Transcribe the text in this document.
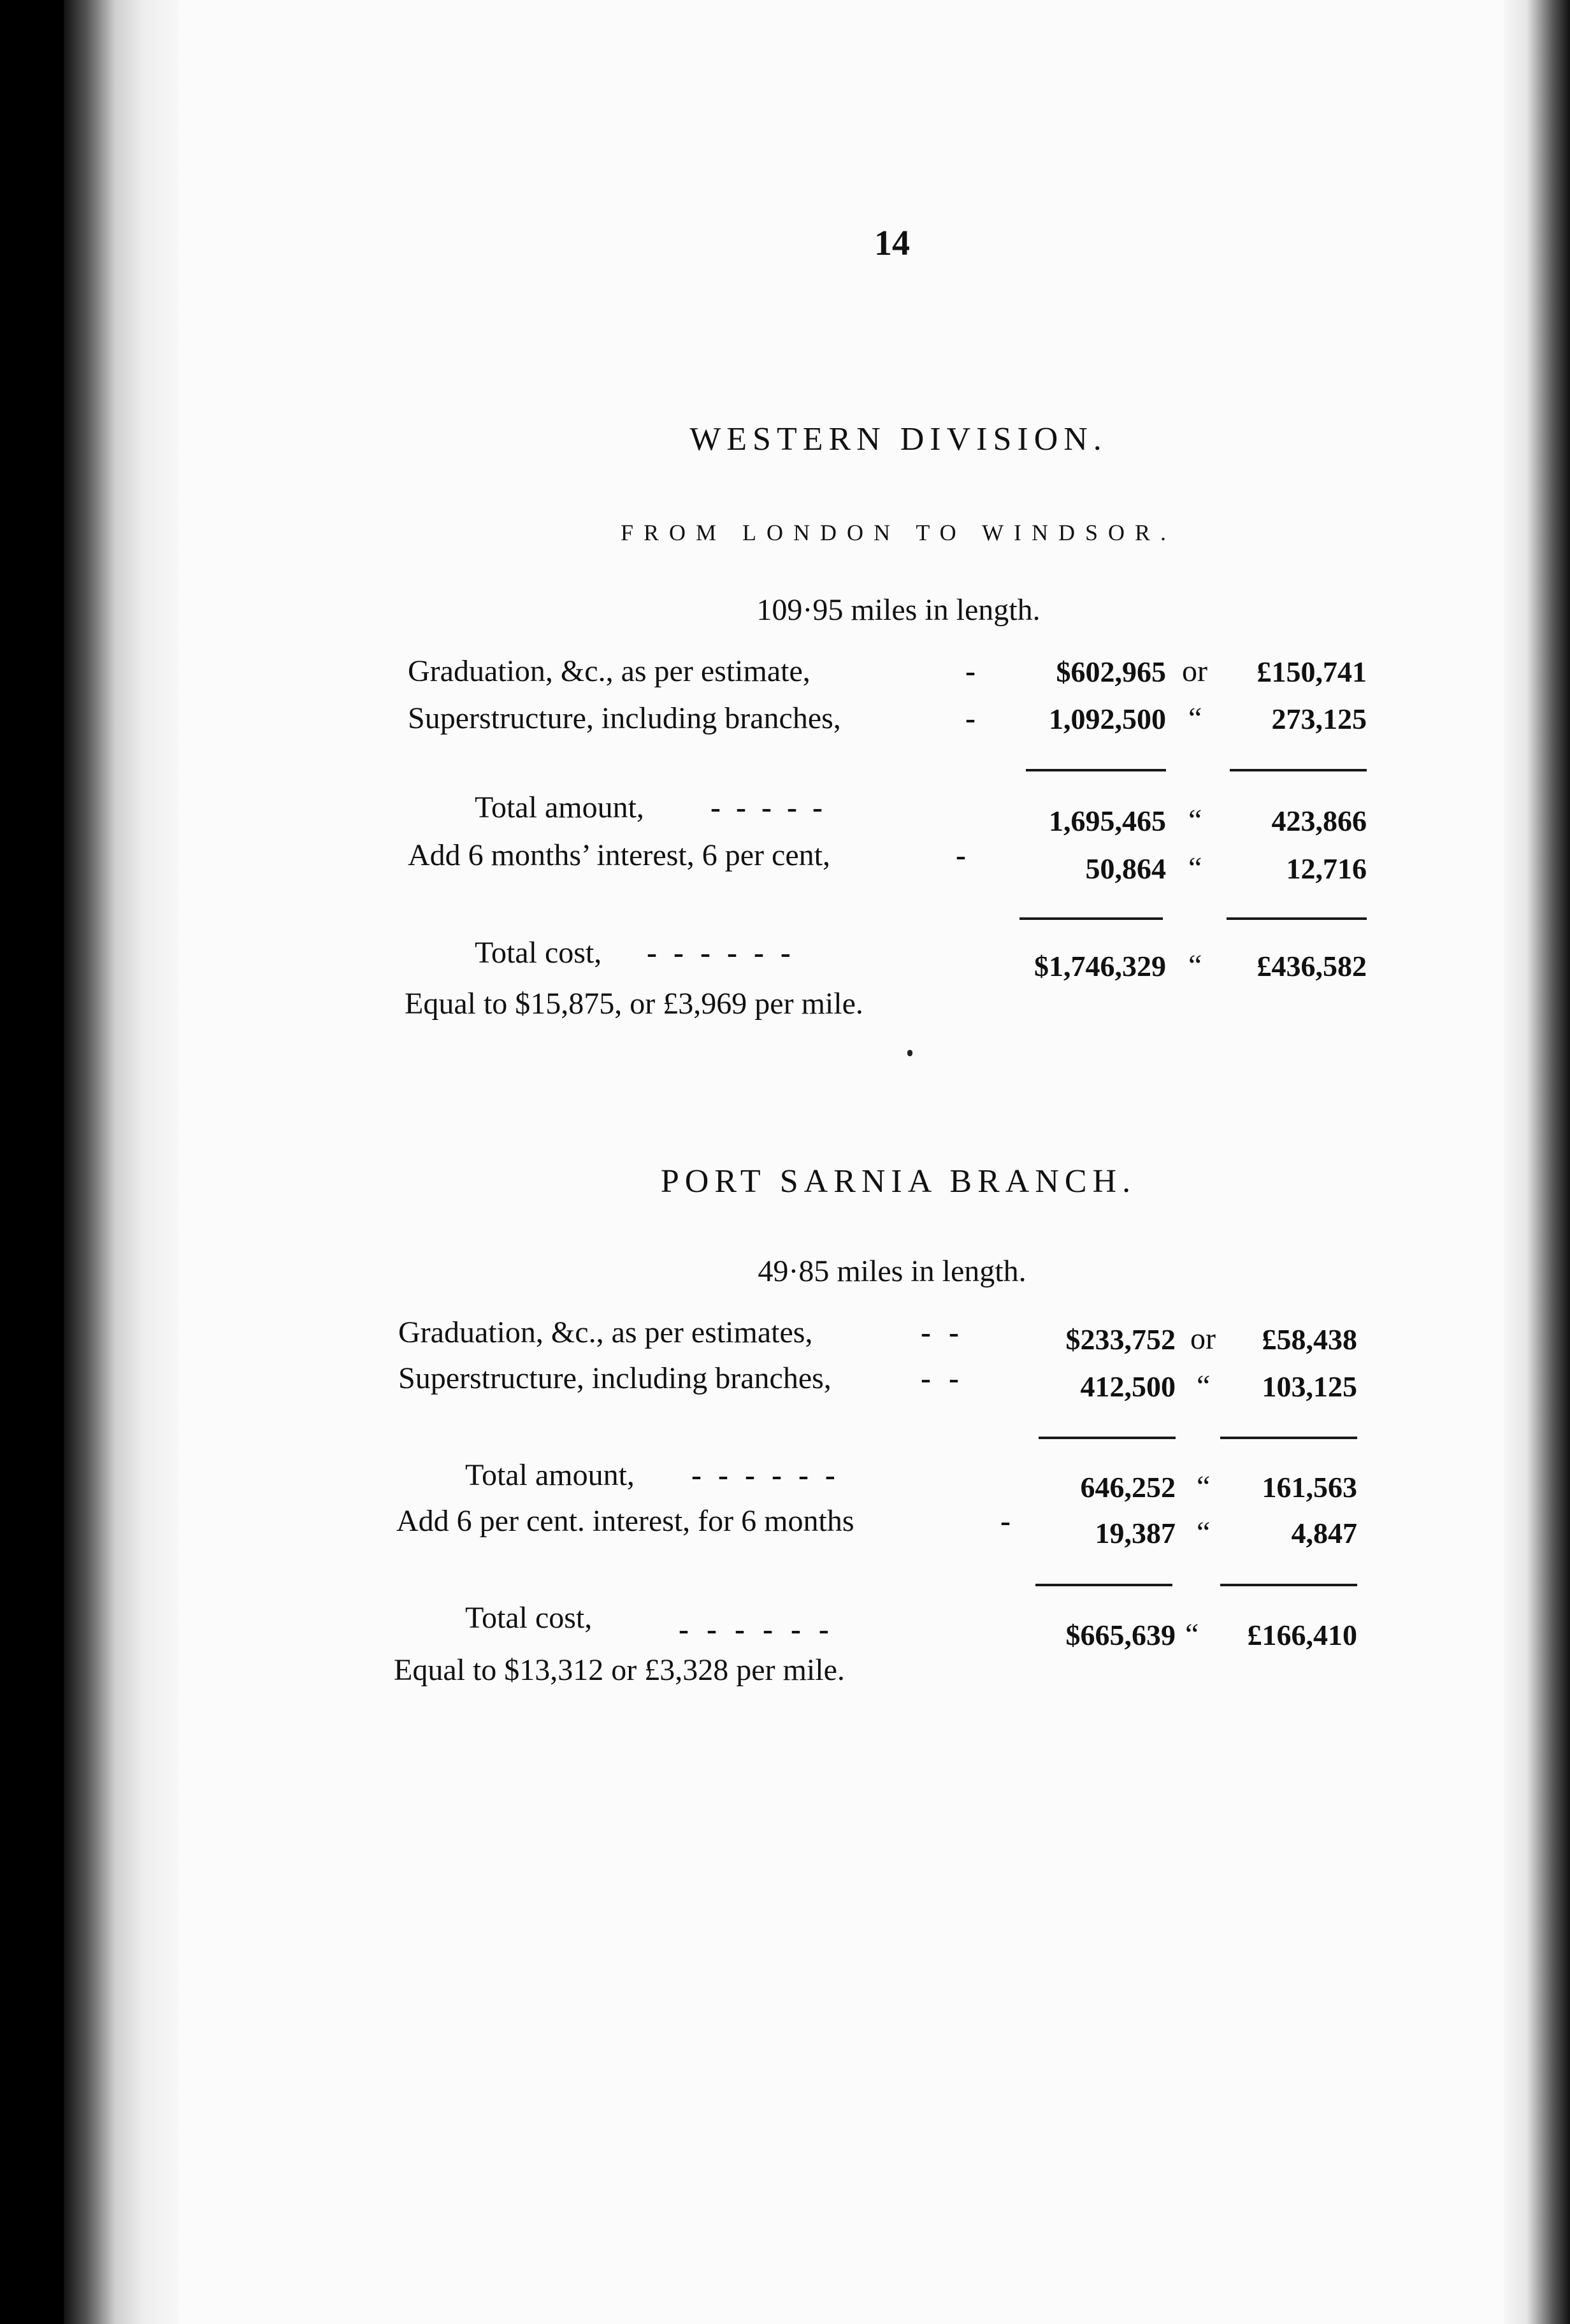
14
WESTERN DIVISION.
FROM LONDON TO WINDSOR.
109·95 miles in length.
Graduation, &c., as per estimate,	-	$602,965 or	£150,741
Superstructure, including branches,	-	1,092,500 “	273,125
Total amount, - - - - -	1,695,465 “	423,866
Add 6 months’ interest, 6 per cent,	-	50,864 “	12,716
Total cost, - - - - - -	$1,746,329 “	£436,582
Equal to $15,875, or £3,969 per mile.
PORT SARNIA BRANCH.
49·85 miles in length.
Graduation, &c., as per estimates,	- -	$233,752 or	£58,438
Superstructure, including branches,	- -	412,500 “	103,125
Total amount, - - - - - -	646,252 “	161,563
Add 6 per cent. interest, for 6 months	-	19,387 “	4,847
Total cost,	- - - - - -	$665,639 “	£166,410
Equal to $13,312 or £3,328 per mile.
